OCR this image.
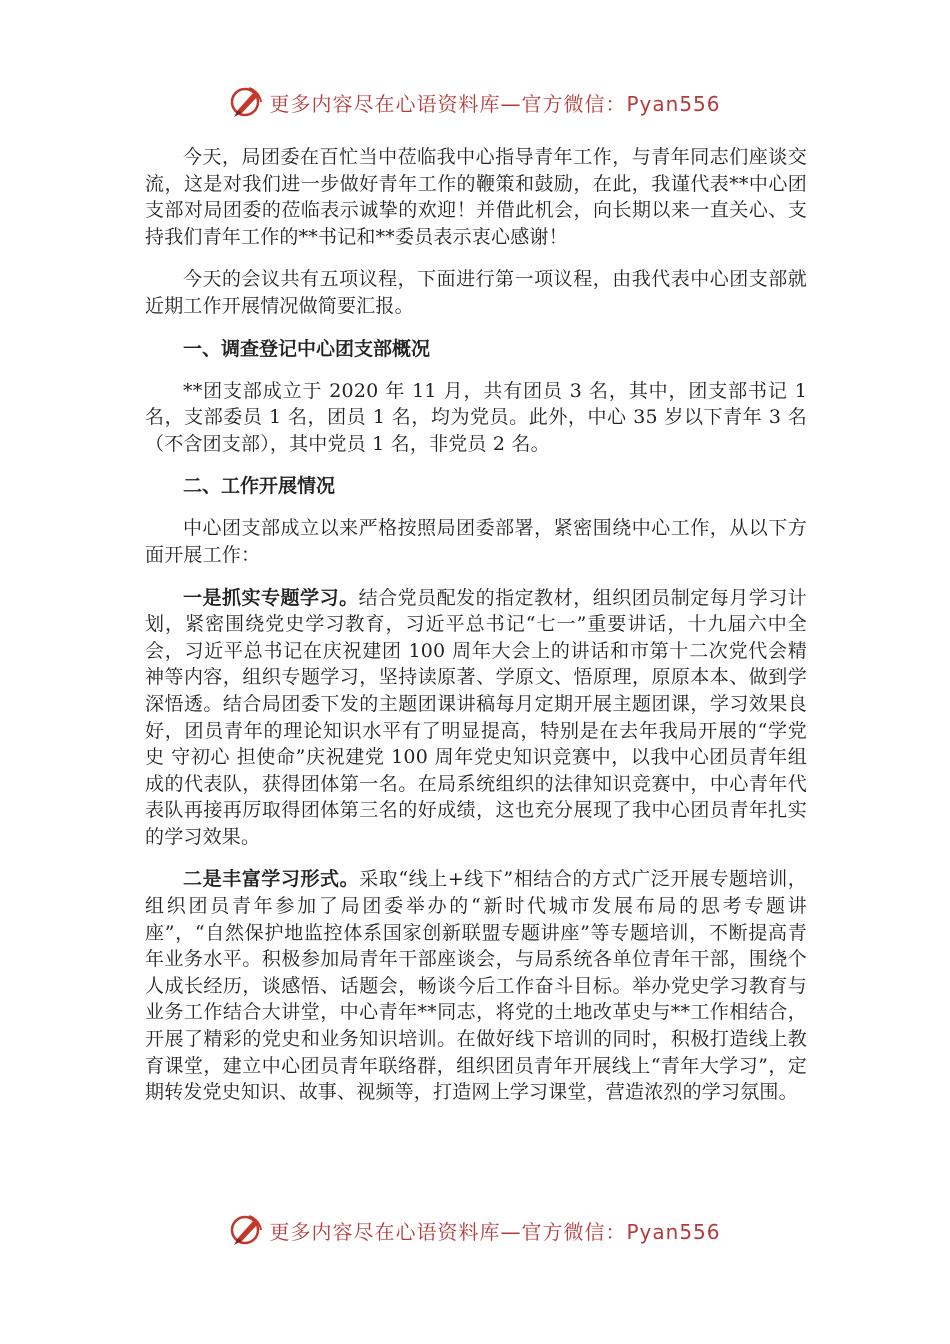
更多内容尽在心语资料库—官方微信：Pyan556

今天，局团委在百忙当中莅临我中心指导青年工作，与青年同志们座谈交流，这是对我们进一步做好青年工作的鞭策和鼓励，在此，我谨代表**中心团支部对局团委的莅临表示诚挚的欢迎！并借此机会，向长期以来一直关心、支持我们青年工作的**书记和**委员表示衷心感谢！

今天的会议共有五项议程，下面进行第一项议程，由我代表中心团支部就近期工作开展情况做简要汇报。

一、调查登记中心团支部概况

**团支部成立于 2020 年 11 月，共有团员 3 名，其中，团支部书记 1 名，支部委员 1 名，团员 1 名，均为党员。此外，中心 35 岁以下青年 3 名（不含团支部），其中党员 1 名，非党员 2 名。

二、工作开展情况

中心团支部成立以来严格按照局团委部署，紧密围绕中心工作，从以下方面开展工作：

一是抓实专题学习。结合党员配发的指定教材，组织团员制定每月学习计划，紧密围绕党史学习教育，习近平总书记“七一”重要讲话，十九届六中全会，习近平总书记在庆祝建团 100 周年大会上的讲话和市第十二次党代会精神等内容，组织专题学习，坚持读原著、学原文、悟原理，原原本本、做到学深悟透。结合局团委下发的主题团课讲稿每月定期开展主题团课，学习效果良好，团员青年的理论知识水平有了明显提高，特别是在去年我局开展的“学党史 守初心 担使命”庆祝建党 100 周年党史知识竞赛中，以我中心团员青年组成的代表队，获得团体第一名。在局系统组织的法律知识竞赛中，中心青年代表队再接再厉取得团体第三名的好成绩，这也充分展现了我中心团员青年扎实的学习效果。

二是丰富学习形式。采取“线上+线下”相结合的方式广泛开展专题培训，组织团员青年参加了局团委举办的“新时代城市发展布局的思考专题讲座”，“自然保护地监控体系国家创新联盟专题讲座”等专题培训，不断提高青年业务水平。积极参加局青年干部座谈会，与局系统各单位青年干部，围绕个人成长经历，谈感悟、话题会，畅谈今后工作奋斗目标。举办党史学习教育与业务工作结合大讲堂，中心青年**同志，将党的土地改革史与**工作相结合，开展了精彩的党史和业务知识培训。在做好线下培训的同时，积极打造线上教育课堂，建立中心团员青年联络群，组织团员青年开展线上“青年大学习”，定期转发党史知识、故事、视频等，打造网上学习课堂，营造浓烈的学习氛围。

更多内容尽在心语资料库—官方微信：Pyan556
